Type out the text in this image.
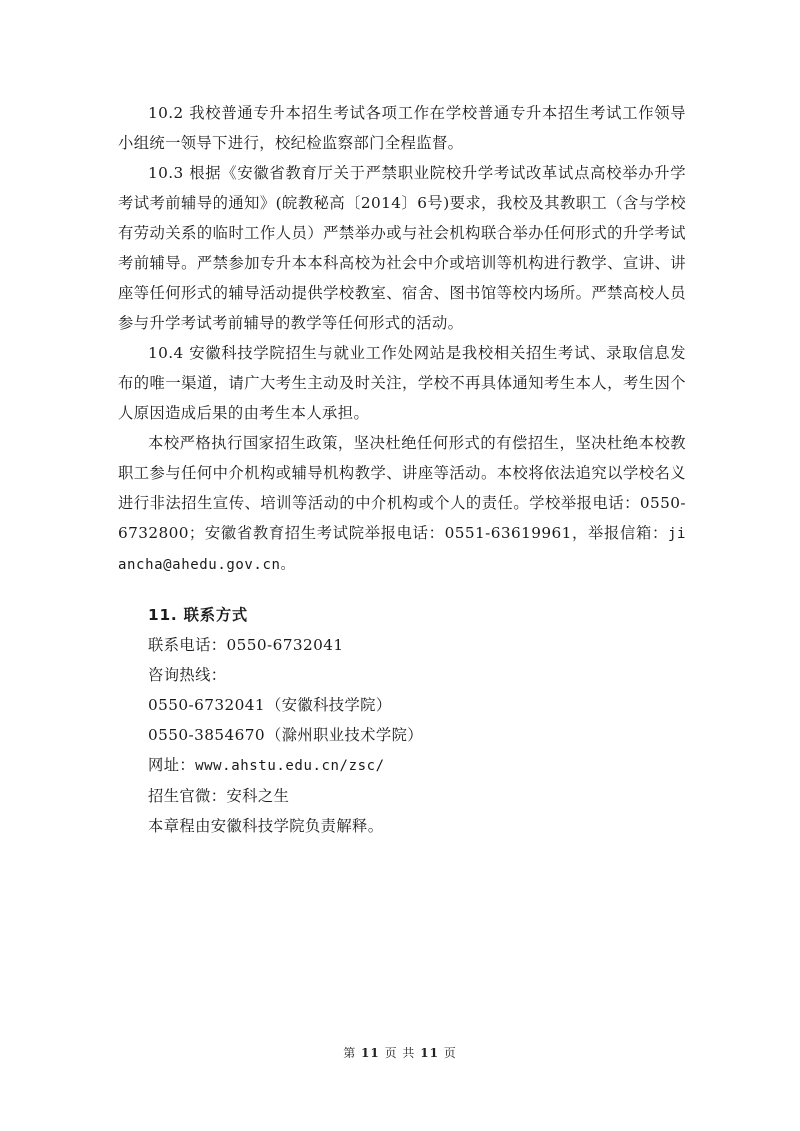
10.2 我校普通专升本招生考试各项工作在学校普通专升本招生考试工作领导小组统一领导下进行，校纪检监察部门全程监督。

10.3 根据《安徽省教育厅关于严禁职业院校升学考试改革试点高校举办升学考试考前辅导的通知》(皖教秘高〔2014〕6号)要求，我校及其教职工（含与学校有劳动关系的临时工作人员）严禁举办或与社会机构联合举办任何形式的升学考试考前辅导。严禁参加专升本本科高校为社会中介或培训等机构进行教学、宣讲、讲座等任何形式的辅导活动提供学校教室、宿舍、图书馆等校内场所。严禁高校人员参与升学考试考前辅导的教学等任何形式的活动。

10.4 安徽科技学院招生与就业工作处网站是我校相关招生考试、录取信息发布的唯一渠道，请广大考生主动及时关注，学校不再具体通知考生本人，考生因个人原因造成后果的由考生本人承担。

本校严格执行国家招生政策，坚决杜绝任何形式的有偿招生，坚决杜绝本校教职工参与任何中介机构或辅导机构教学、讲座等活动。本校将依法追究以学校名义进行非法招生宣传、培训等活动的中介机构或个人的责任。学校举报电话：0550-6732800；安徽省教育招生考试院举报电话：0551-63619961，举报信箱：jiancha@ahedu.gov.cn。

11. 联系方式

联系电话：0550-6732041

咨询热线：

0550-6732041（安徽科技学院）

0550-3854670（滁州职业技术学院）

网址：www.ahstu.edu.cn/zsc/

招生官微：安科之生

本章程由安徽科技学院负责解释。

第 11 页 共 11 页
